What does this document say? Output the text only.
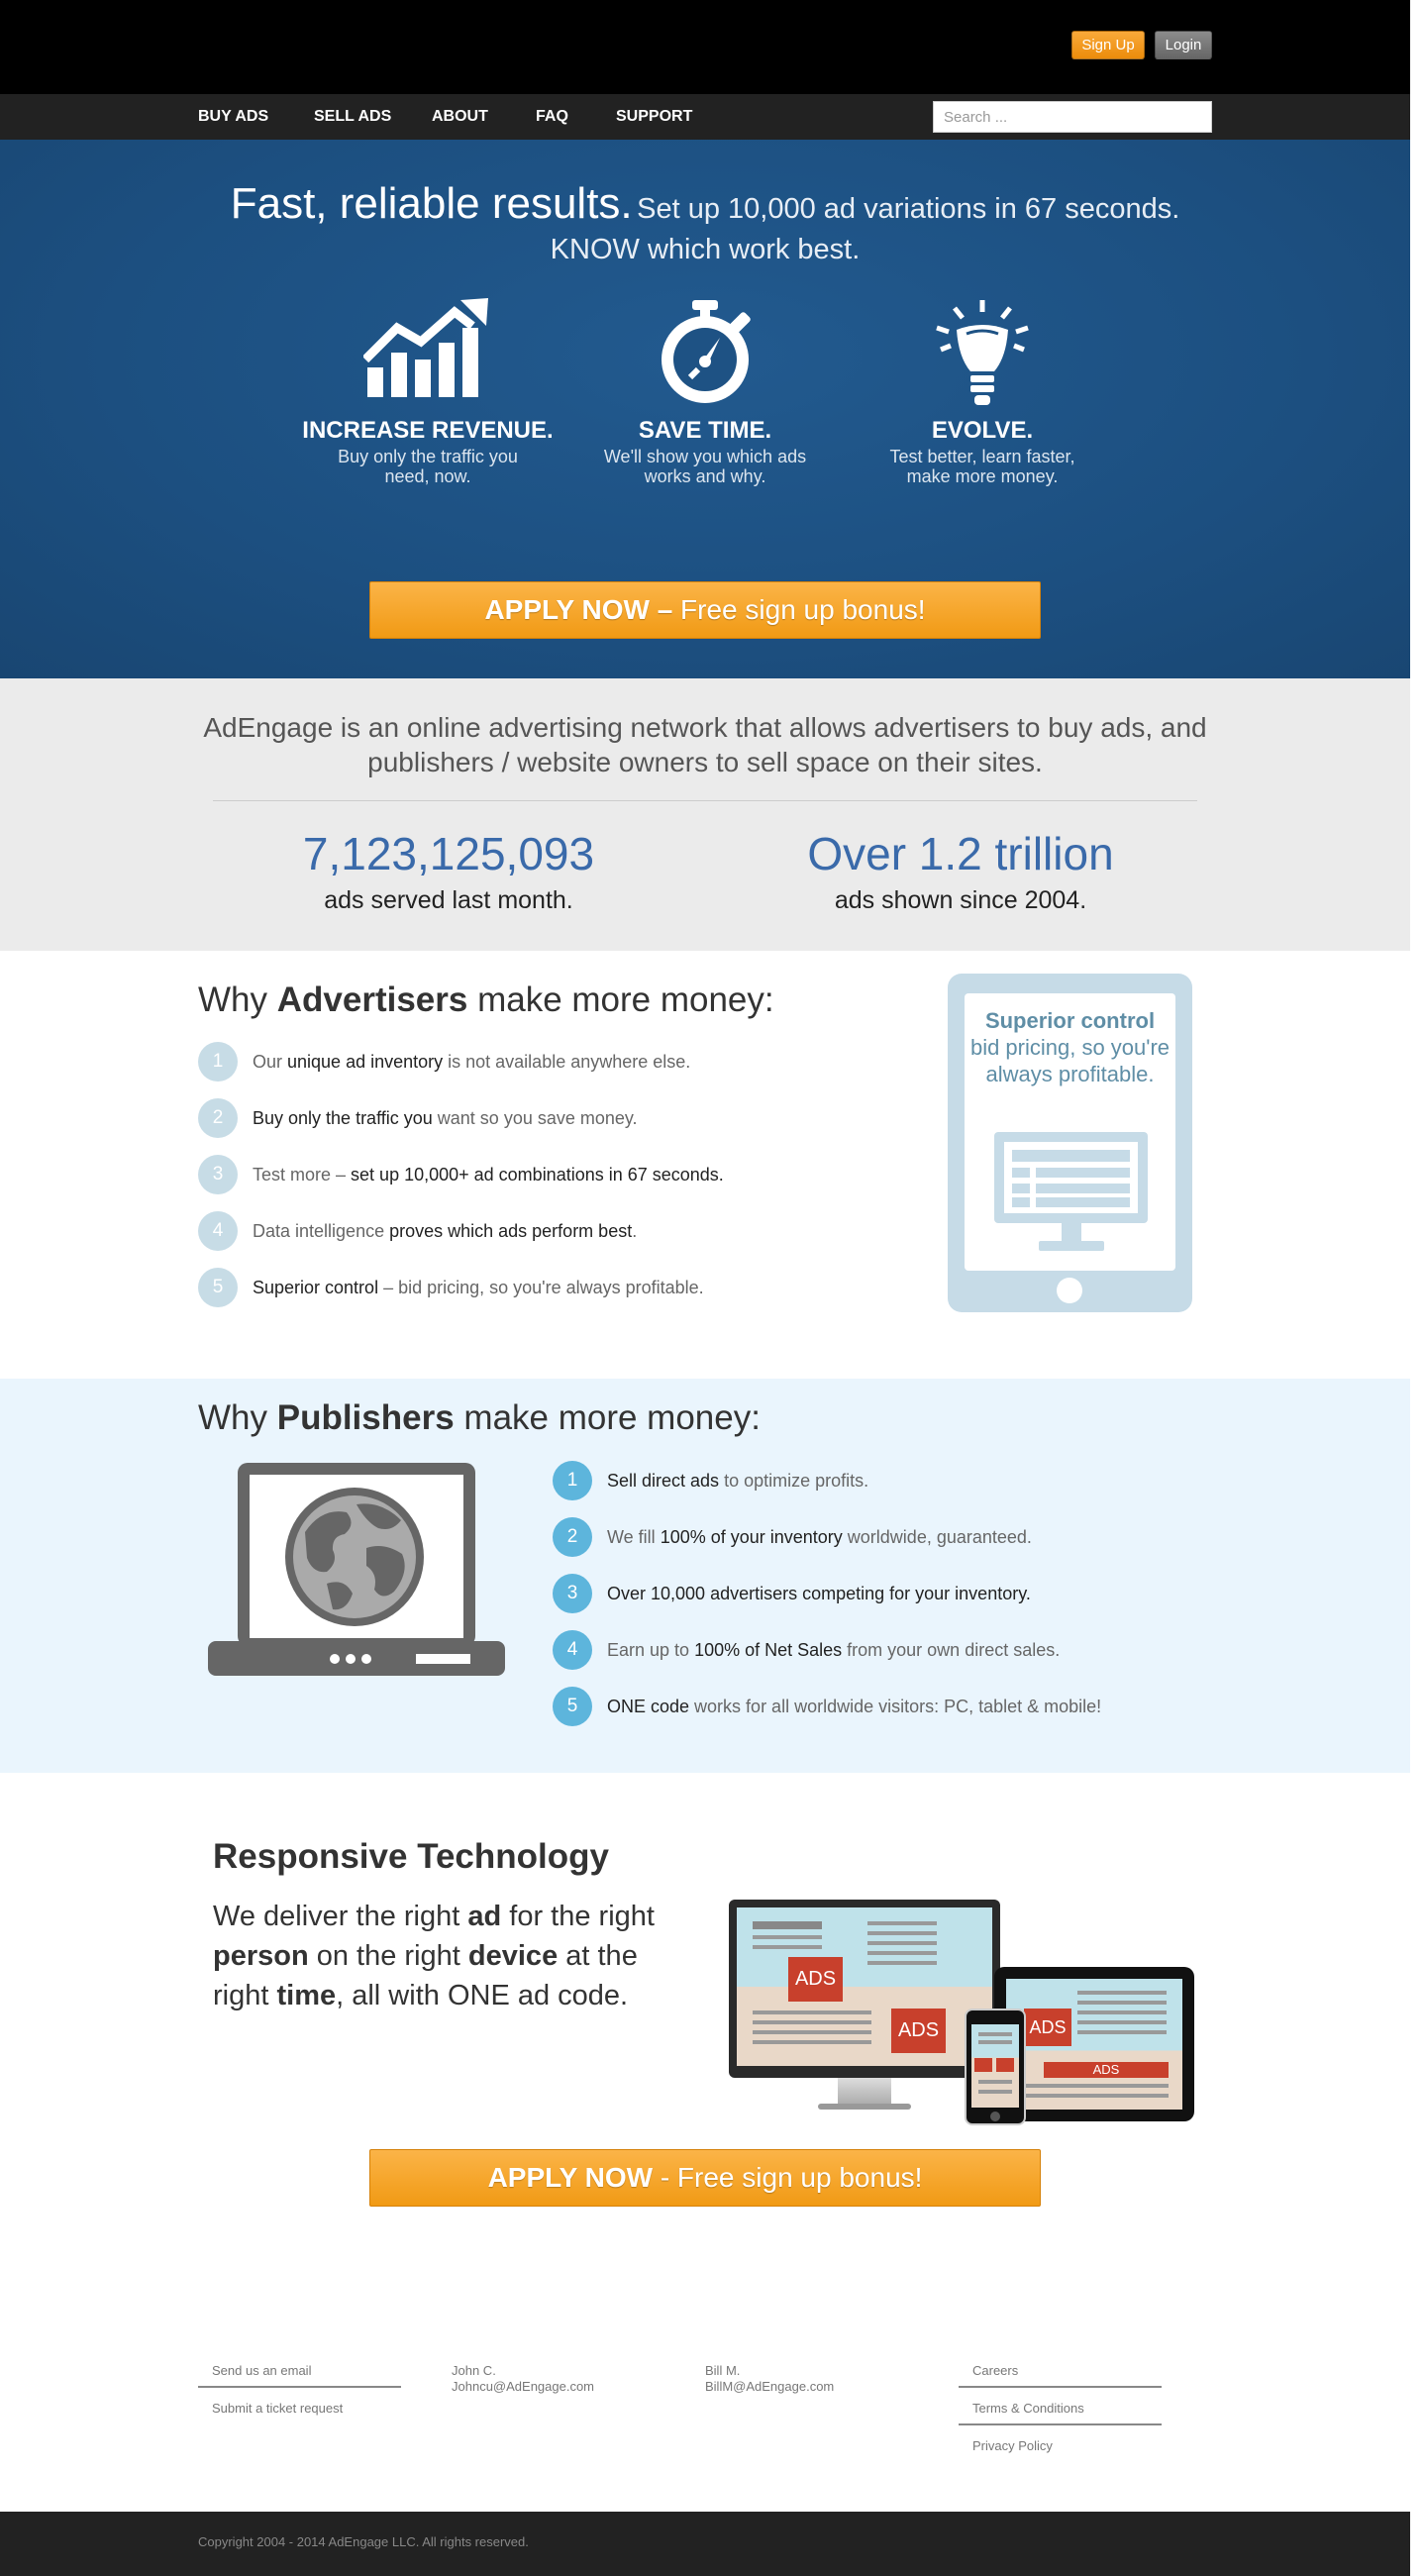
Sign Up	Login
BUY ADS	SELL ADS	ABOUT	FAQ	SUPPORT
Search ...
Fast, reliable results. Set up 10,000 ad variations in 67 seconds.
KNOW which work best.
INCREASE REVENUE.
Buy only the traffic you need, now.
SAVE TIME.
We'll show you which ads works and why.
EVOLVE.
Test better, learn faster, make more money.
APPLY NOW – Free sign up bonus!
AdEngage is an online advertising network that allows advertisers to buy ads, and publishers / website owners to sell space on their sites.
7,123,125,093
ads served last month.
Over 1.2 trillion
ads shown since 2004.
Why Advertisers make more money:
1	Our unique ad inventory is not available anywhere else.
2	Buy only the traffic you want so you save money.
3	Test more – set up 10,000+ ad combinations in 67 seconds.
4	Data intelligence proves which ads perform best.
5	Superior control – bid pricing, so you're always profitable.
Superior control
bid pricing, so you're always profitable.
Why Publishers make more money:
1	Sell direct ads to optimize profits.
2	We fill 100% of your inventory worldwide, guaranteed.
3	Over 10,000 advertisers competing for your inventory.
4	Earn up to 100% of Net Sales from your own direct sales.
5	ONE code works for all worldwide visitors: PC, tablet & mobile!
Responsive Technology
We deliver the right ad for the right person on the right device at the right time, all with ONE ad code.
ADS
ADS	ADS
ADS
APPLY NOW - Free sign up bonus!
Send us an email
Submit a ticket request
John C.
Johncu@AdEngage.com
Bill M.
BillM@AdEngage.com
Careers
Terms & Conditions
Privacy Policy
Copyright 2004 - 2014 AdEngage LLC. All rights reserved.
